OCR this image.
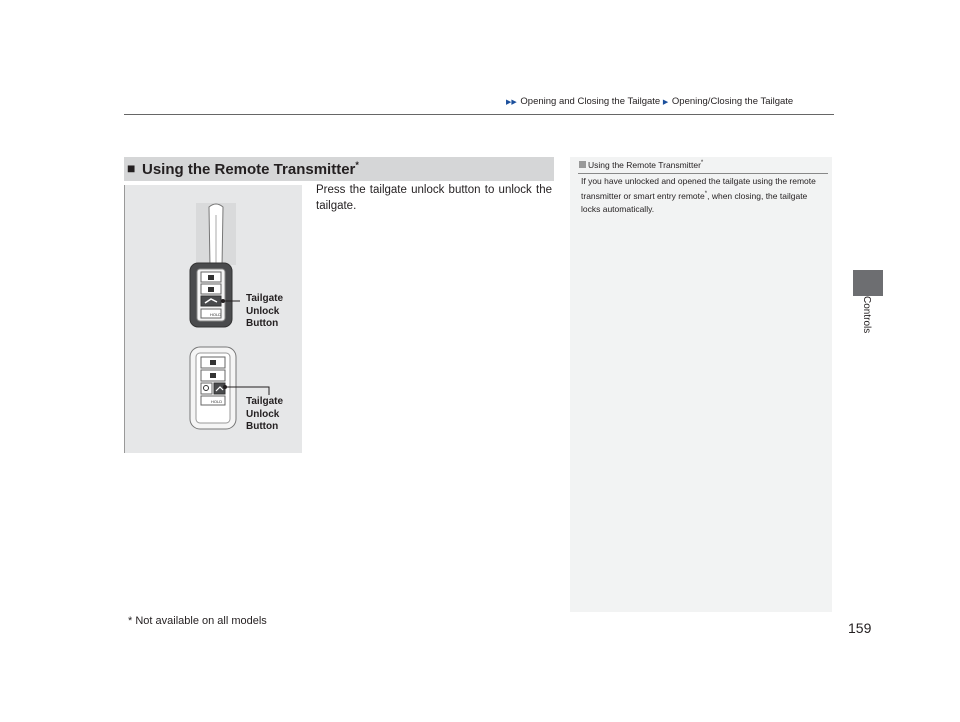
▶▶ Opening and Closing the Tailgate ▶ Opening/Closing the Tailgate
Controls
■ Using the Remote Transmitter*
HOLD
HOLD
Tailgate
Unlock
Button
Tailgate
Unlock
Button
Press the tailgate unlock button to unlock the tailgate.
Using the Remote Transmitter*
If you have unlocked and opened the tailgate using the remote transmitter or smart entry remote*, when closing, the tailgate locks automatically.
* Not available on all models	159
